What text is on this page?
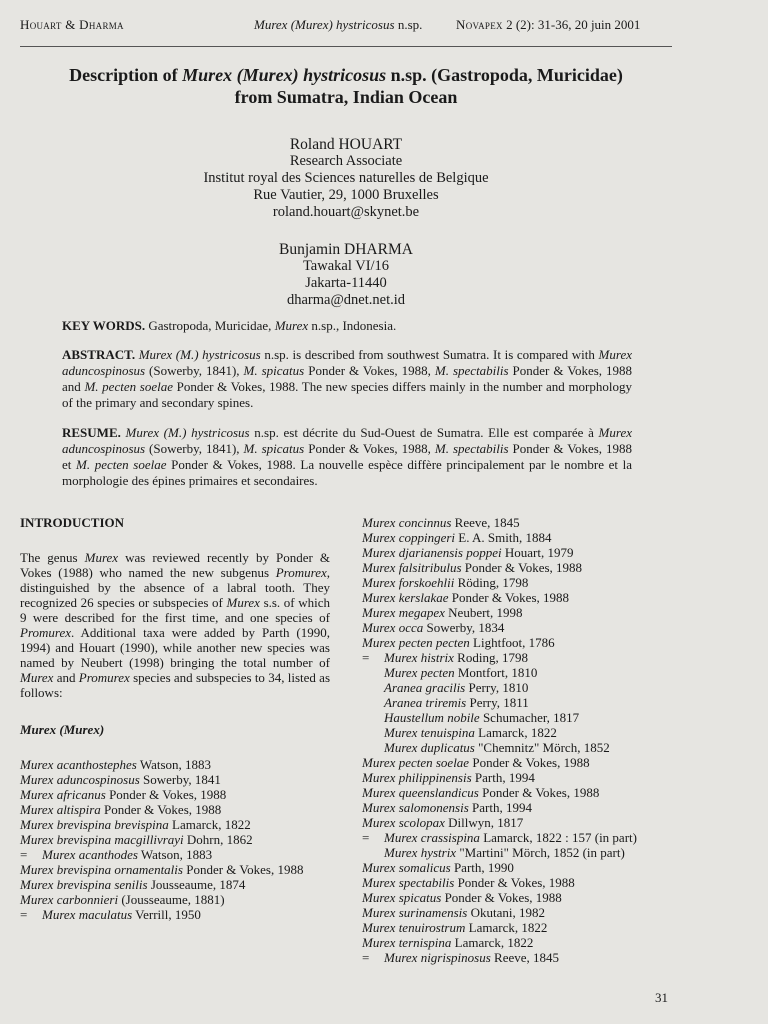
Houart & Dharma	Murex (Murex) hystricosus n.sp.	Novapex 2 (2): 31-36, 20 juin 2001
Description of Murex (Murex) hystricosus n.sp. (Gastropoda, Muricidae)
from Sumatra, Indian Ocean
Roland HOUART
Research Associate
Institut royal des Sciences naturelles de Belgique
Rue Vautier, 29, 1000 Bruxelles
roland.houart@skynet.be
Bunjamin DHARMA
Tawakal VI/16
Jakarta-11440
dharma@dnet.net.id
KEY WORDS. Gastropoda, Muricidae, Murex n.sp., Indonesia.
ABSTRACT. Murex (M.) hystricosus n.sp. is described from southwest Sumatra. It is compared with Murex aduncospinosus (Sowerby, 1841), M. spicatus Ponder & Vokes, 1988, M. spectabilis Ponder & Vokes, 1988 and M. pecten soelae Ponder & Vokes, 1988. The new species differs mainly in the number and morphology of the primary and secondary spines.
RESUME. Murex (M.) hystricosus n.sp. est décrite du Sud-Ouest de Sumatra. Elle est comparée à Murex aduncospinosus (Sowerby, 1841), M. spicatus Ponder & Vokes, 1988, M. spectabilis Ponder & Vokes, 1988 et M. pecten soelae Ponder & Vokes, 1988. La nouvelle espèce diffère principalement par le nombre et la morphologie des épines primaires et secondaires.

INTRODUCTION

The genus Murex was reviewed recently by Ponder & Vokes (1988) who named the new subgenus Promurex, distinguished by the absence of a labral tooth. They recognized 26 species or subspecies of Murex s.s. of which 9 were described for the first time, and one species of Promurex. Additional taxa were added by Parth (1990, 1994) and Houart (1990), while another new species was named by Neubert (1998) bringing the total number of Murex and Promurex species and subspecies to 34, listed as follows:

Murex (Murex)

Murex acanthostephes Watson, 1883

Murex aduncospinosus Sowerby, 1841

Murex africanus Ponder & Vokes, 1988

Murex altispira Ponder & Vokes, 1988

Murex brevispina brevispina Lamarck, 1822

Murex brevispina macgillivrayi Dohrn, 1862

= Murex acanthodes Watson, 1883

Murex brevispina ornamentalis Ponder & Vokes, 1988

Murex brevispina senilis Jousseaume, 1874

Murex carbonnieri (Jousseaume, 1881)

= Murex maculatus Verrill, 1950

Murex concinnus Reeve, 1845

Murex coppingeri E. A. Smith, 1884

Murex djarianensis poppei Houart, 1979

Murex falsitribulus Ponder & Vokes, 1988

Murex forskoehlii Röding, 1798

Murex kerslakae Ponder & Vokes, 1988

Murex megapex Neubert, 1998

Murex occa Sowerby, 1834

Murex pecten pecten Lightfoot, 1786

= Murex histrix Roding, 1798

Murex pecten Montfort, 1810

Aranea gracilis Perry, 1810

Aranea triremis Perry, 1811

Haustellum nobile Schumacher, 1817

Murex tenuispina Lamarck, 1822

Murex duplicatus "Chemnitz" Mörch, 1852

Murex pecten soelae Ponder & Vokes, 1988

Murex philippinensis Parth, 1994

Murex queenslandicus Ponder & Vokes, 1988

Murex salomonensis Parth, 1994

Murex scolopax Dillwyn, 1817

= Murex crassispina Lamarck, 1822 : 157 (in part)

Murex hystrix "Martini" Mörch, 1852 (in part)

Murex somalicus Parth, 1990

Murex spectabilis Ponder & Vokes, 1988

Murex spicatus Ponder & Vokes, 1988

Murex surinamensis Okutani, 1982

Murex tenuirostrum Lamarck, 1822

Murex ternispina Lamarck, 1822

= Murex nigrispinosus Reeve, 1845

31
